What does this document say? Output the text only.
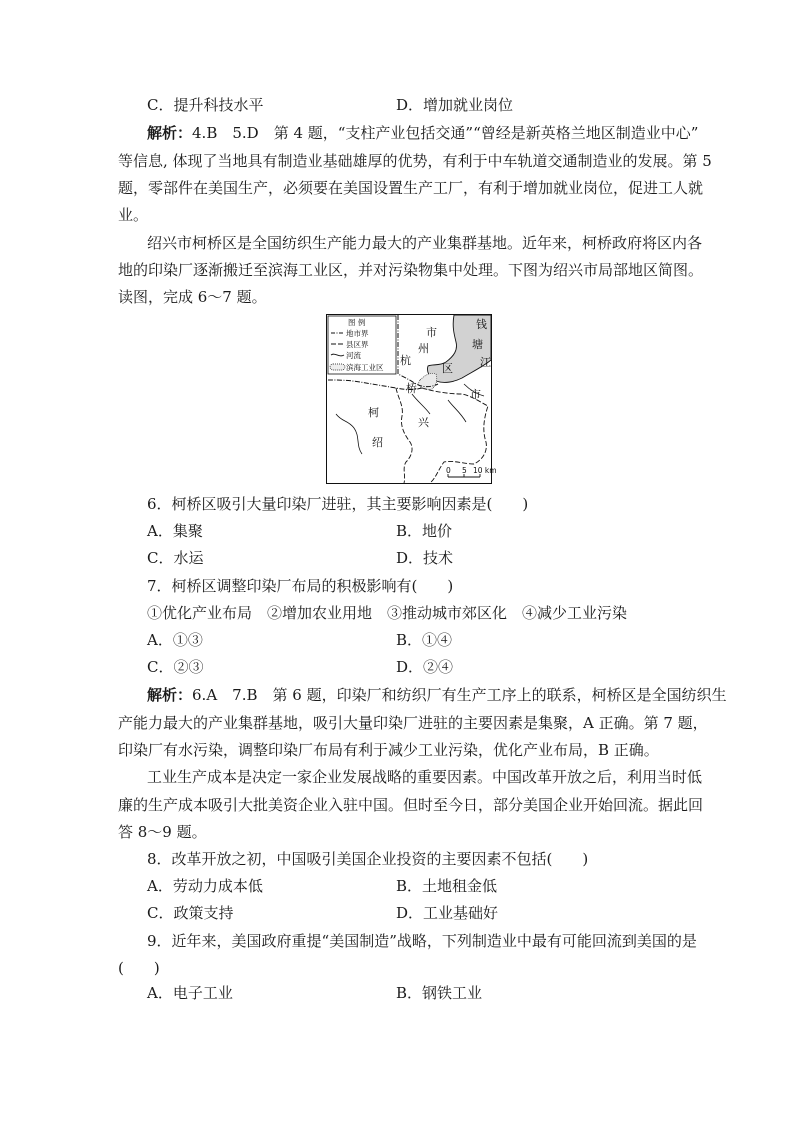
C．提升科技水平	D．增加就业岗位
解析：4.B　5.D　第 4 题，“支柱产业包括交通”“曾经是新英格兰地区制造业中心”
等信息, 体现了当地具有制造业基础雄厚的优势，有利于中车轨道交通制造业的发展。第 5
题，零部件在美国生产，必须要在美国设置生产工厂，有利于增加就业岗位，促进工人就
业。
绍兴市柯桥区是全国纺织生产能力最大的产业集群基地。近年来，柯桥政府将区内各
地的印染厂逐渐搬迁至滨海工业区，并对污染物集中处理。下图为绍兴市局部地区简图。
读图，完成 6～7 题。
图 例
地市界
县区界
河流
滨海工业区
钱
塘
江
市
州
杭
区
市
桥
柯
兴
绍
0 5 10 km
6．柯桥区吸引大量印染厂进驻，其主要影响因素是(　　)
A．集聚	B．地价
C．水运	D．技术
7．柯桥区调整印染厂布局的积极影响有(　　)
①优化产业布局　②增加农业用地　③推动城市郊区化　④减少工业污染
A．①③	B．①④
C．②③	D．②④
解析：6.A　7.B　第 6 题，印染厂和纺织厂有生产工序上的联系，柯桥区是全国纺织生
产能力最大的产业集群基地，吸引大量印染厂进驻的主要因素是集聚，A 正确。第 7 题，
印染厂有水污染，调整印染厂布局有利于减少工业污染，优化产业布局，B 正确。
工业生产成本是决定一家企业发展战略的重要因素。中国改革开放之后，利用当时低
廉的生产成本吸引大批美资企业入驻中国。但时至今日，部分美国企业开始回流。据此回
答 8～9 题。
8．改革开放之初，中国吸引美国企业投资的主要因素不包括(　　)
A．劳动力成本低	B．土地租金低
C．政策支持	D．工业基础好
9．近年来，美国政府重提“美国制造”战略，下列制造业中最有可能回流到美国的是
(　　)
A．电子工业	B．钢铁工业
